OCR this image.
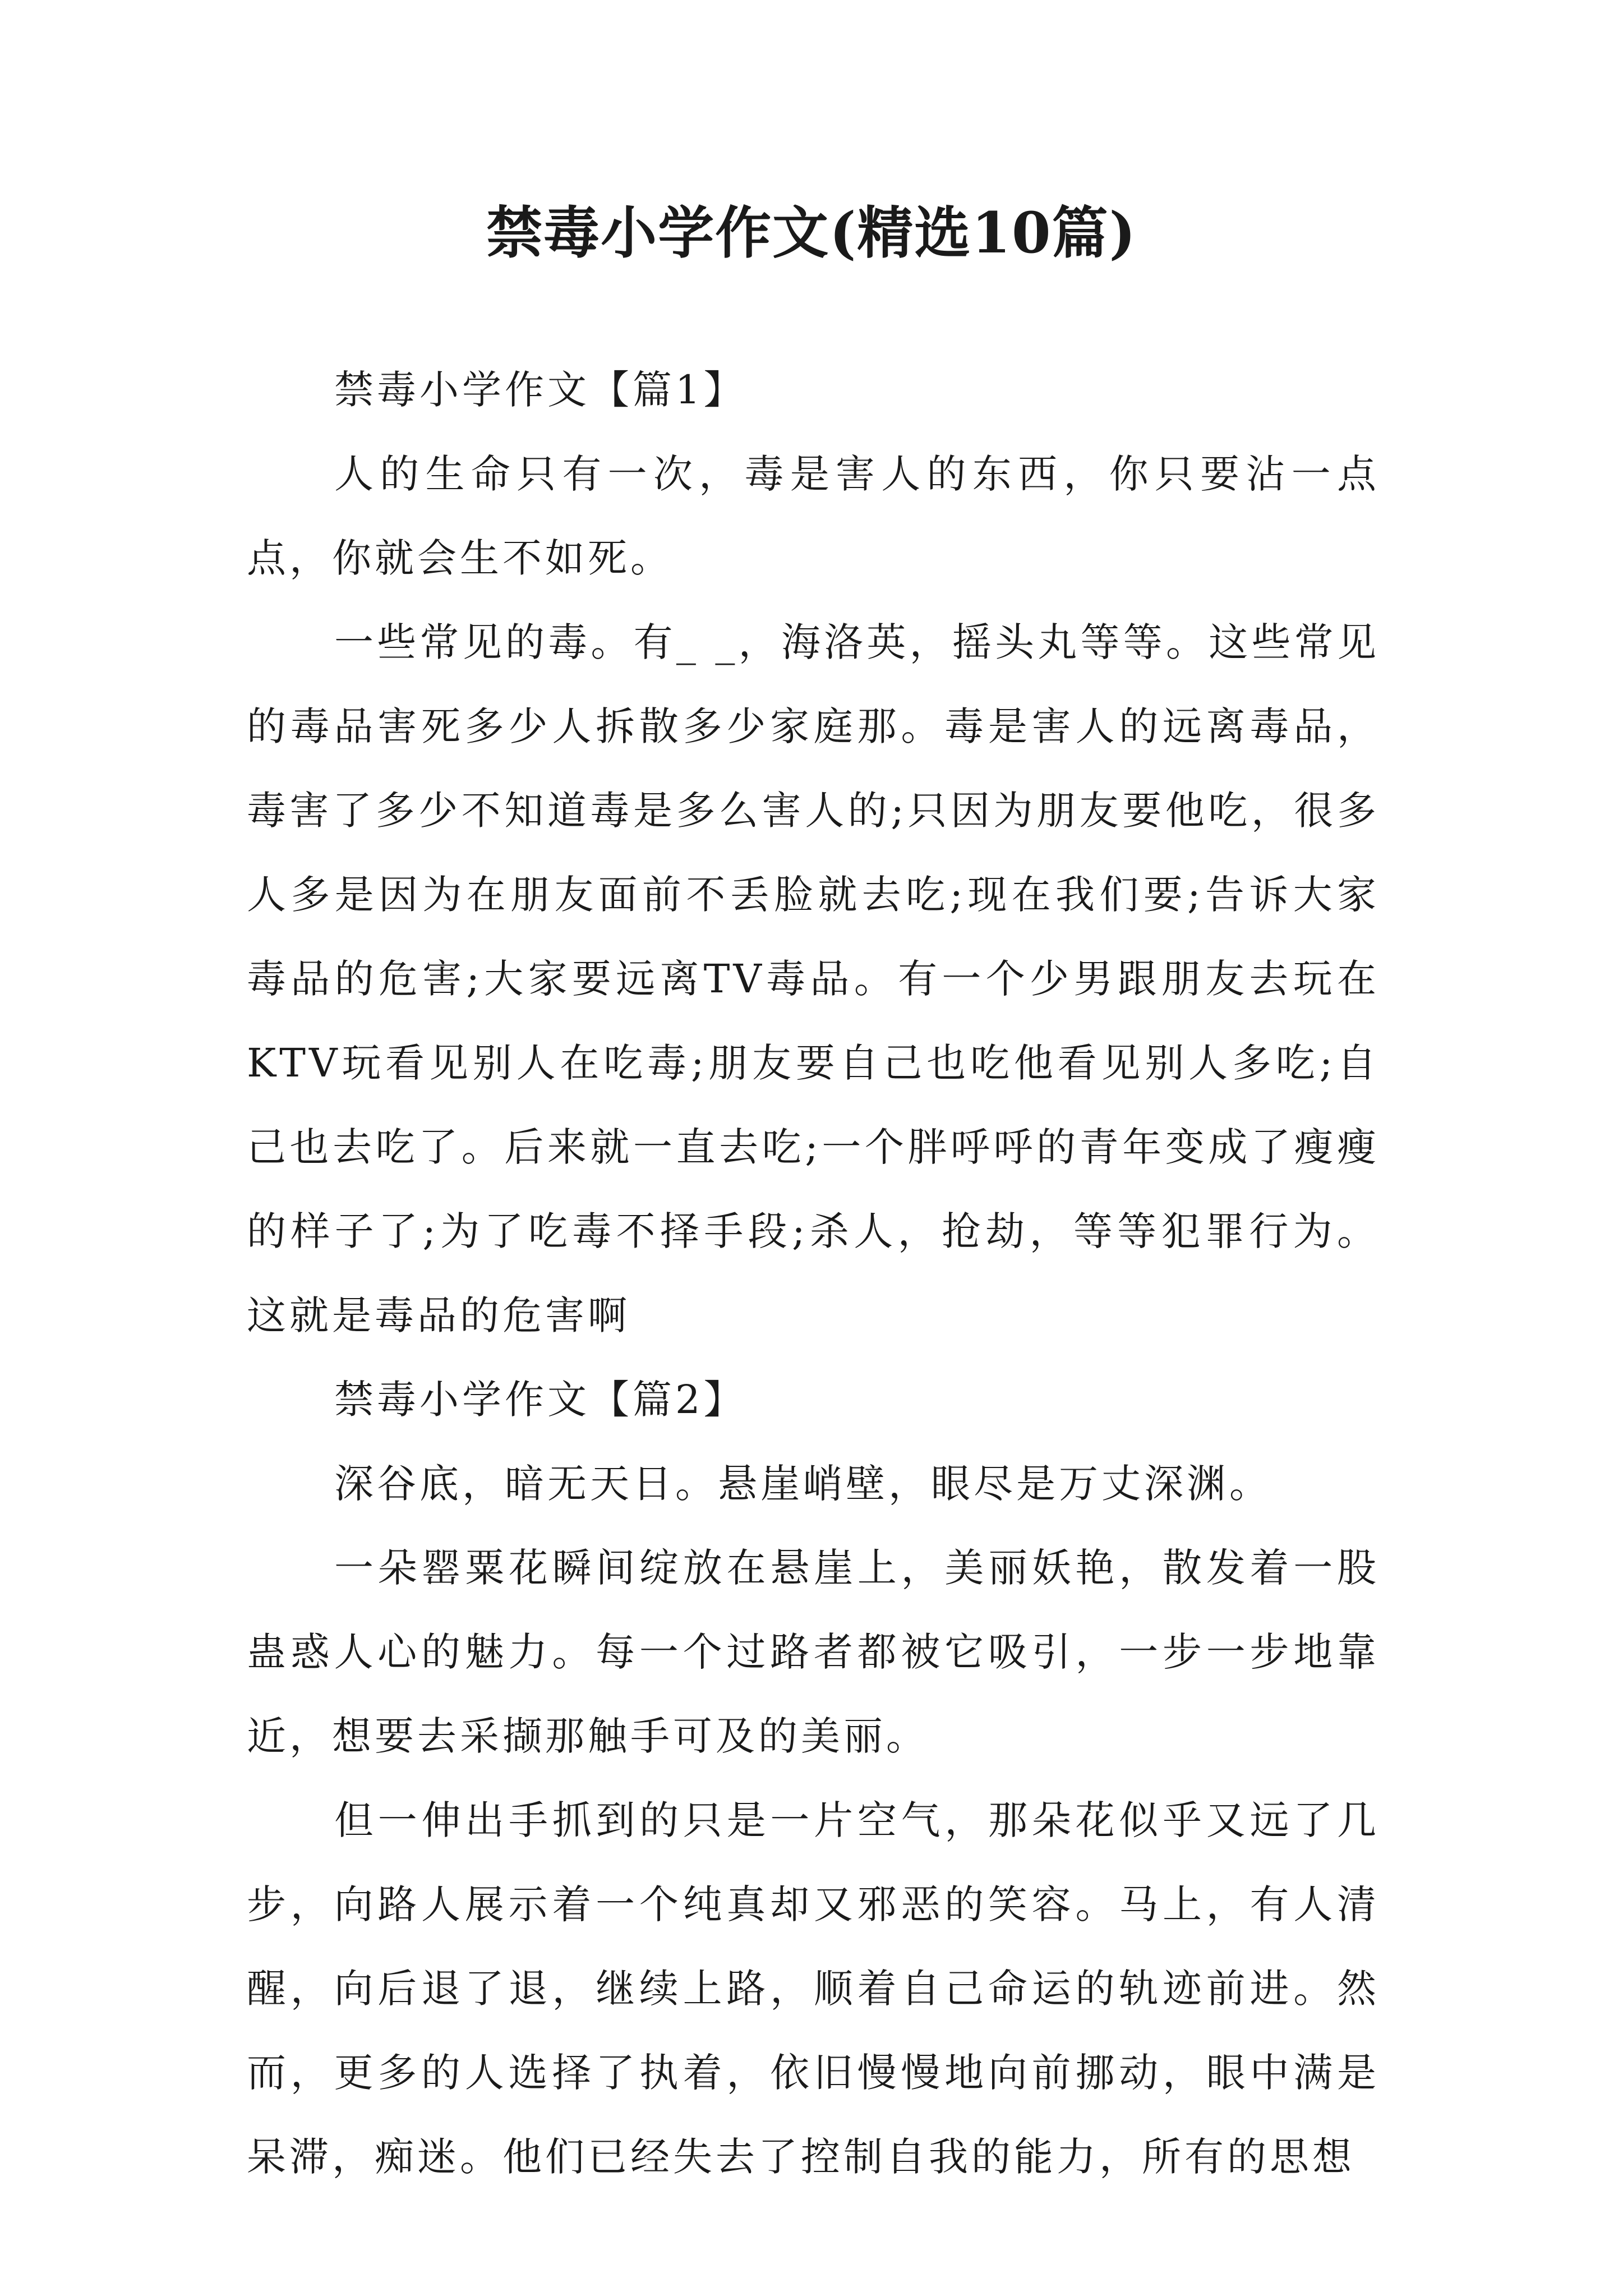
禁毒小学作文(精选10篇)

禁毒小学作文【篇1】

人的生命只有一次，毒是害人的东西，你只要沾一点点，你就会生不如死。

一些常见的毒。有_ _，海洛英，摇头丸等等。这些常见的毒品害死多少人拆散多少家庭那。毒是害人的远离毒品，毒害了多少不知道毒是多么害人的;只因为朋友要他吃，很多人多是因为在朋友面前不丢脸就去吃;现在我们要;告诉大家毒品的危害;大家要远离TV毒品。有一个少男跟朋友去玩在KTV玩看见别人在吃毒;朋友要自己也吃他看见别人多吃;自己也去吃了。后来就一直去吃;一个胖呼呼的青年变成了瘦瘦的样子了;为了吃毒不择手段;杀人，抢劫，等等犯罪行为。这就是毒品的危害啊

禁毒小学作文【篇2】

深谷底，暗无天日。悬崖峭壁，眼尽是万丈深渊。

一朵罂粟花瞬间绽放在悬崖上，美丽妖艳，散发着一股蛊惑人心的魅力。每一个过路者都被它吸引，一步一步地靠近，想要去采撷那触手可及的美丽。

但一伸出手抓到的只是一片空气，那朵花似乎又远了几步，向路人展示着一个纯真却又邪恶的笑容。马上，有人清醒，向后退了退，继续上路，顺着自己命运的轨迹前进。然而，更多的人选择了执着，依旧慢慢地向前挪动，眼中满是呆滞，痴迷。他们已经失去了控制自我的能力，所有的思想
